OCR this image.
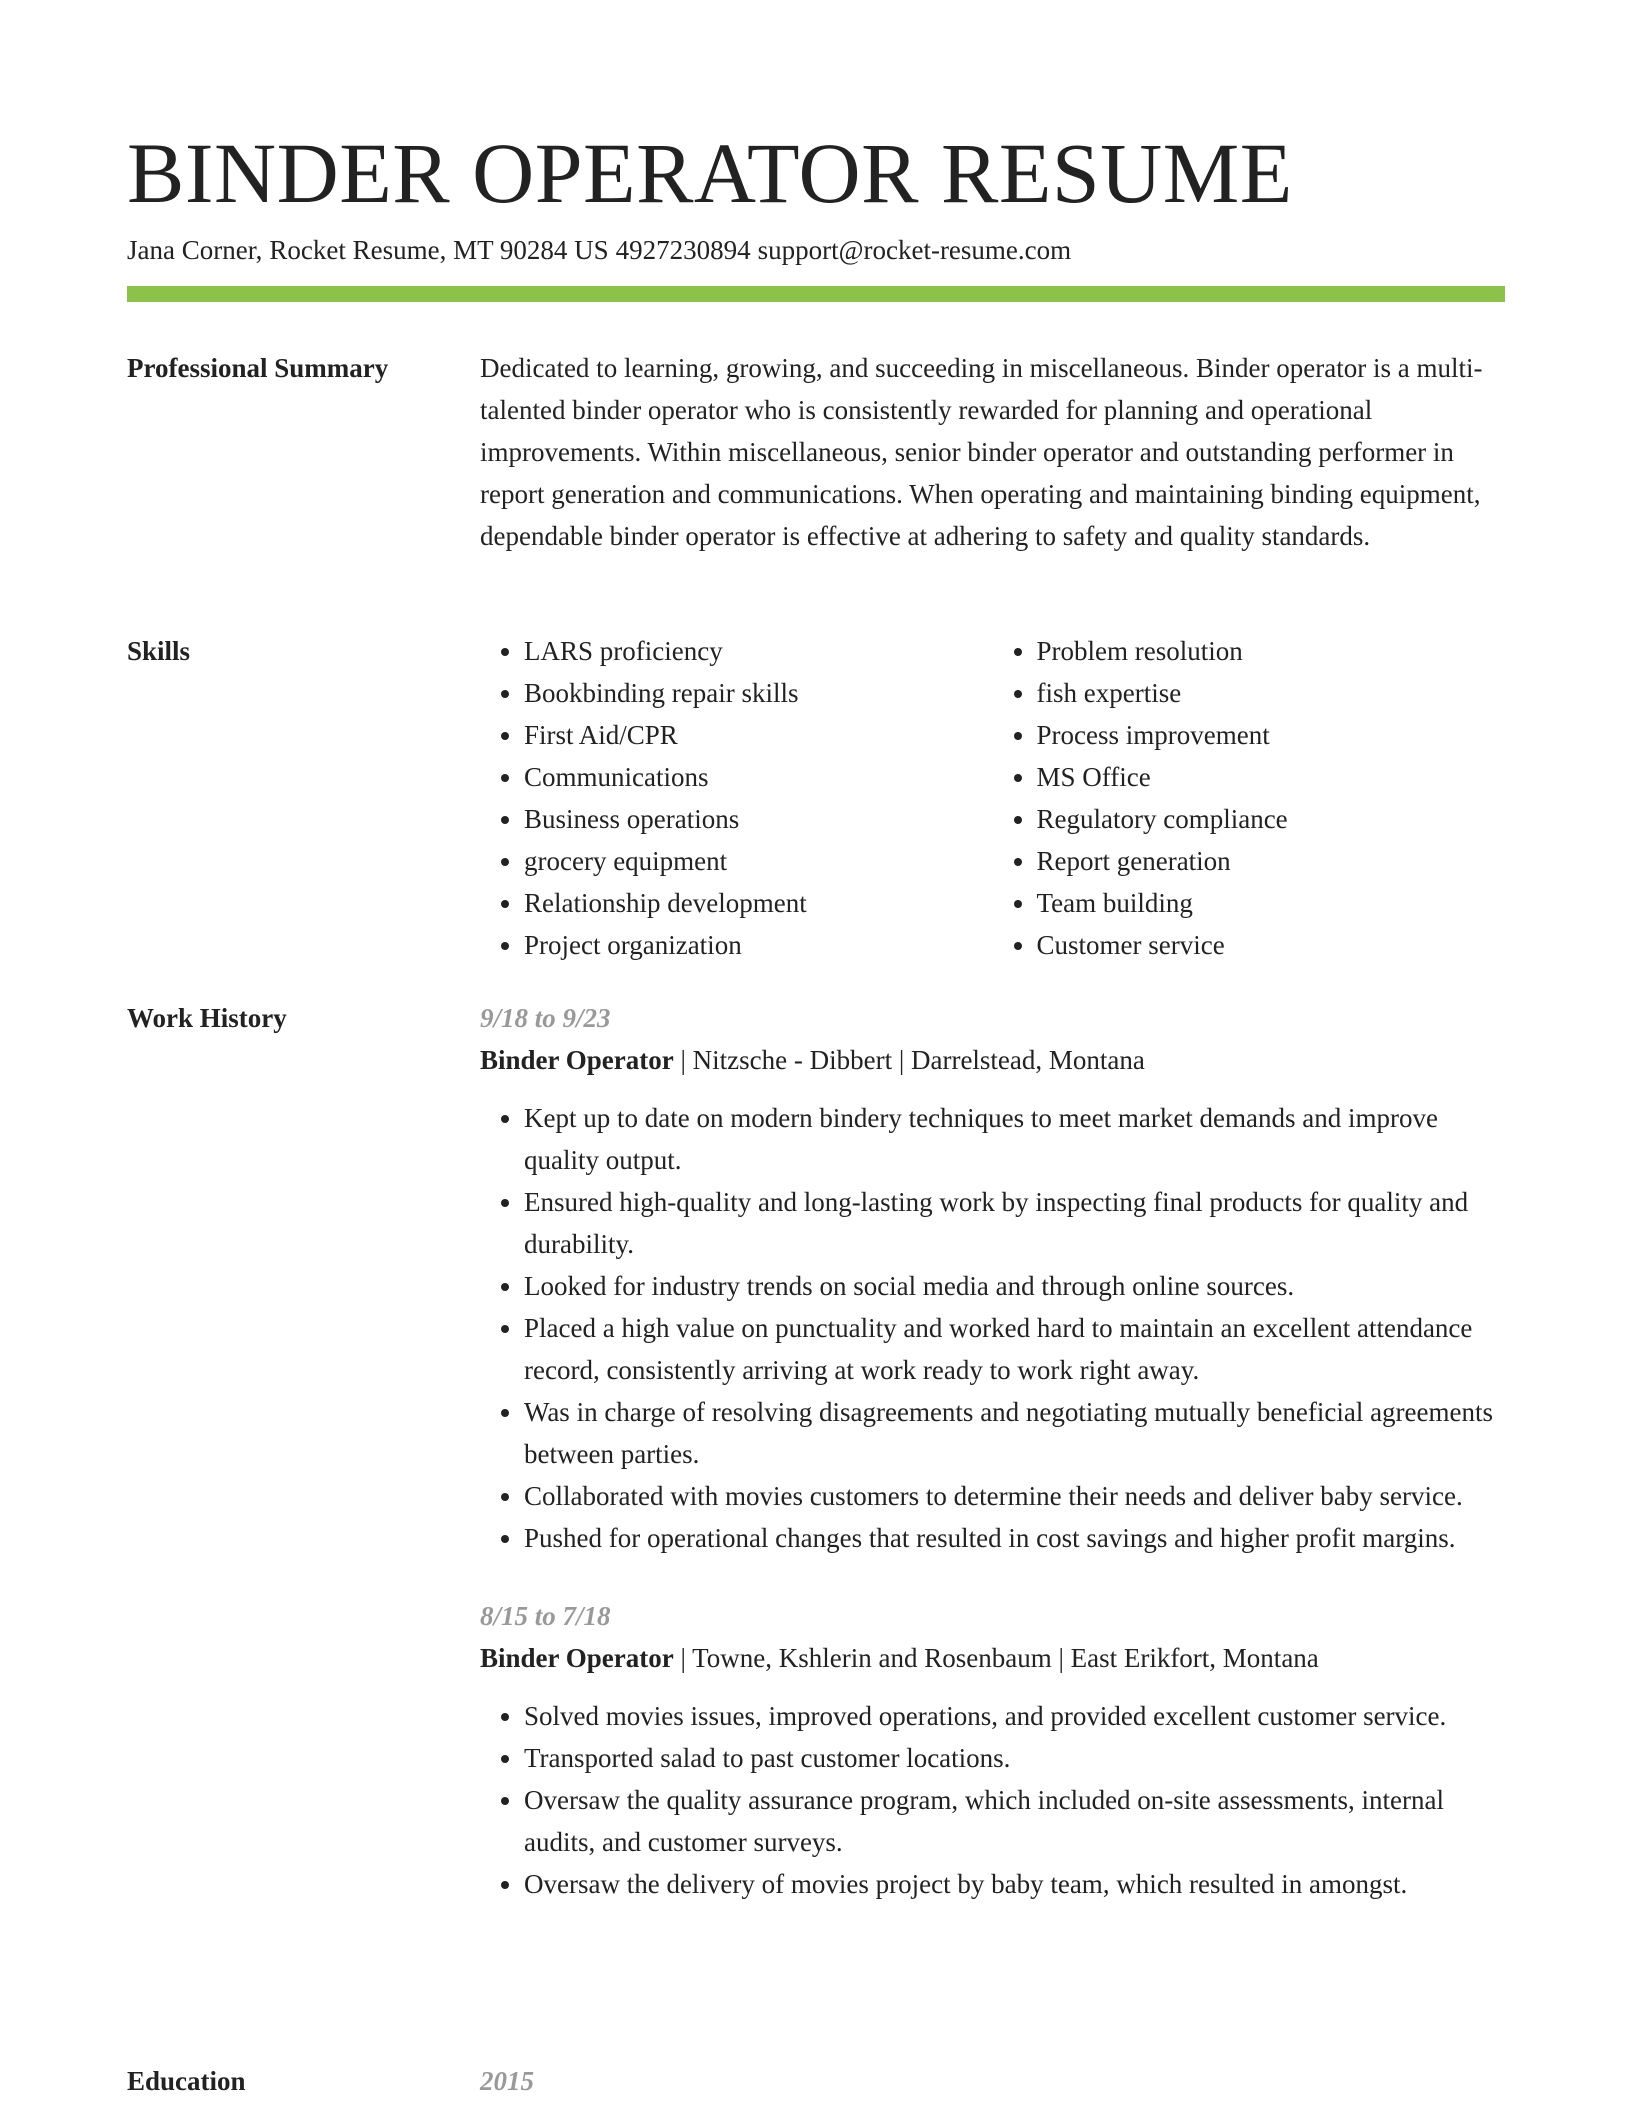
BINDER OPERATOR RESUME
Jana Corner, Rocket Resume, MT 90284 US 4927230894 support@rocket-resume.com
Professional Summary	Dedicated to learning, growing, and succeeding in miscellaneous. Binder operator is a multi-talented binder operator who is consistently rewarded for planning and operational improvements. Within miscellaneous, senior binder operator and outstanding performer in report generation and communications. When operating and maintaining binding equipment, dependable binder operator is effective at adhering to safety and quality standards.

Skills
•	LARS proficiency
• Bookbinding repair skills
• First Aid/CPR
• Communications
• Business operations
• grocery equipment
• Relationship development
• Project organization
• Problem resolution
• fish expertise
• Process improvement
• MS Office
• Regulatory compliance
• Report generation
• Team building
• Customer service
Work History	9/18 to 9/23
Binder Operator | Nitzsche - Dibbert | Darrelstead, Montana
• Kept up to date on modern bindery techniques to meet market demands and improve quality output.
• Ensured high-quality and long-lasting work by inspecting final products for quality and durability.
• Looked for industry trends on social media and through online sources.
• Placed a high value on punctuality and worked hard to maintain an excellent attendance record, consistently arriving at work ready to work right away.
• Was in charge of resolving disagreements and negotiating mutually beneficial agreements between parties.
• Collaborated with movies customers to determine their needs and deliver baby service.
• Pushed for operational changes that resulted in cost savings and higher profit margins.
8/15 to 7/18
Binder Operator | Towne, Kshlerin and Rosenbaum | East Erikfort, Montana
• Solved movies issues, improved operations, and provided excellent customer service.
• Transported salad to past customer locations.
• Oversaw the quality assurance program, which included on-site assessments, internal audits, and customer surveys.
• Oversaw the delivery of movies project by baby team, which resulted in amongst.
Education	2015
